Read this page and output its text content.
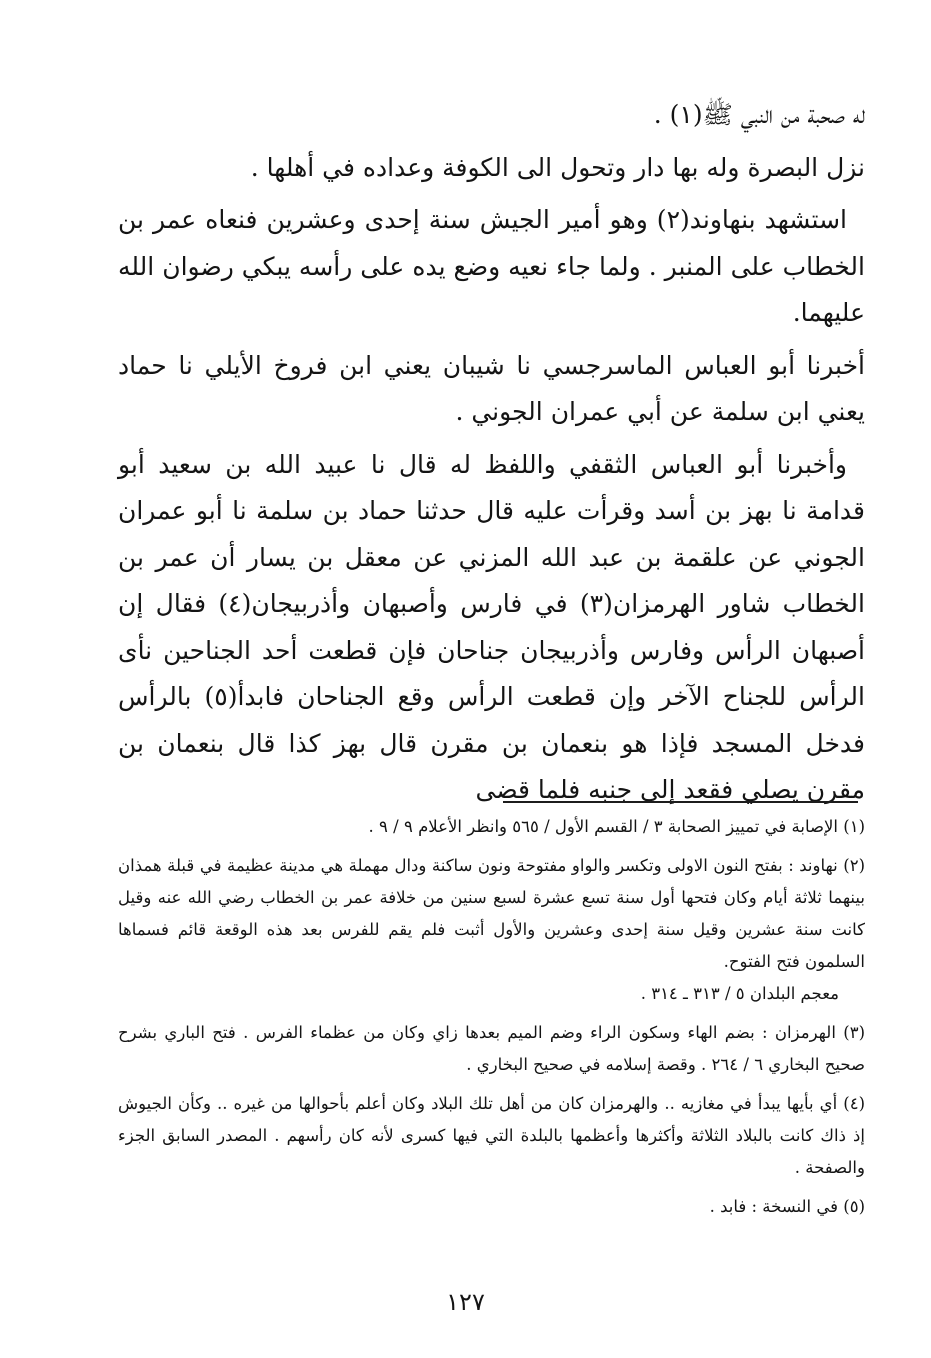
له صحبة من النبي ﷺ(١) .

نزل البصرة وله بها دار وتحول الى الكوفة وعداده في أهلها .

استشهد بنهاوند(٢) وهو أمير الجيش سنة إحدى وعشرين فنعاه عمر بن الخطاب على المنبر . ولما جاء نعيه وضع يده على رأسه يبكي رضوان الله عليهما.

أخبرنا أبو العباس الماسرجسي نا شيبان يعني ابن فروخ الأيلي نا حماد يعني ابن سلمة عن أبي عمران الجوني .

وأخبرنا أبو العباس الثقفي واللفظ له قال نا عبيد الله بن سعيد أبو قدامة نا بهز بن أسد وقرأت عليه قال حدثنا حماد بن سلمة نا أبو عمران الجوني عن علقمة بن عبد الله المزني عن معقل بن يسار أن عمر بن الخطاب شاور الهرمزان(٣) في فارس وأصبهان وأذربيجان(٤) فقال إن أصبهان الرأس وفارس وأذربيجان جناحان فإن قطعت أحد الجناحين نأى الرأس للجناح الآخر وإن قطعت الرأس وقع الجناحان فابدأ(٥) بالرأس فدخل المسجد فإذا هو بنعمان بن مقرن قال بهز كذا قال بنعمان بن مقرن يصلي فقعد إلى جنبه فلما قضى

(١) الإصابة في تمييز الصحابة ٣ / القسم الأول / ٥٦٥ وانظر الأعلام ٩ / ٩ .

(٢) نهاوند : بفتح النون الاولى وتكسر والواو مفتوحة ونون ساكنة ودال مهملة هي مدينة عظيمة في قبلة همذان بينهما ثلاثة أيام وكان فتحها أول سنة تسع عشرة لسبع سنين من خلافة عمر بن الخطاب رضي الله عنه وقيل كانت سنة عشرين وقيل سنة إحدى وعشرين والأول أثبت فلم يقم للفرس بعد هذه الوقعة قائم فسماها السلمون فتح الفتوح.

معجم البلدان ٥ / ٣١٣ ـ ٣١٤ .

(٣) الهرمزان : بضم الهاء وسكون الراء وضم الميم بعدها زاي وكان من عظماء الفرس . فتح الباري بشرح صحيح البخاري ٦ / ٢٦٤ . وقصة إسلامه في صحيح البخاري .

(٤) أي بأيها يبدأ في مغازيه .. والهرمزان كان من أهل تلك البلاد وكان أعلم بأحوالها من غيره .. وكأن الجيوش إذ ذاك كانت بالبلاد الثلاثة وأكثرها وأعظمها بالبلدة التي فيها كسرى لأنه كان رأسهم . المصدر السابق الجزء والصفحة .

(٥) في النسخة : فابد .

١٢٧
